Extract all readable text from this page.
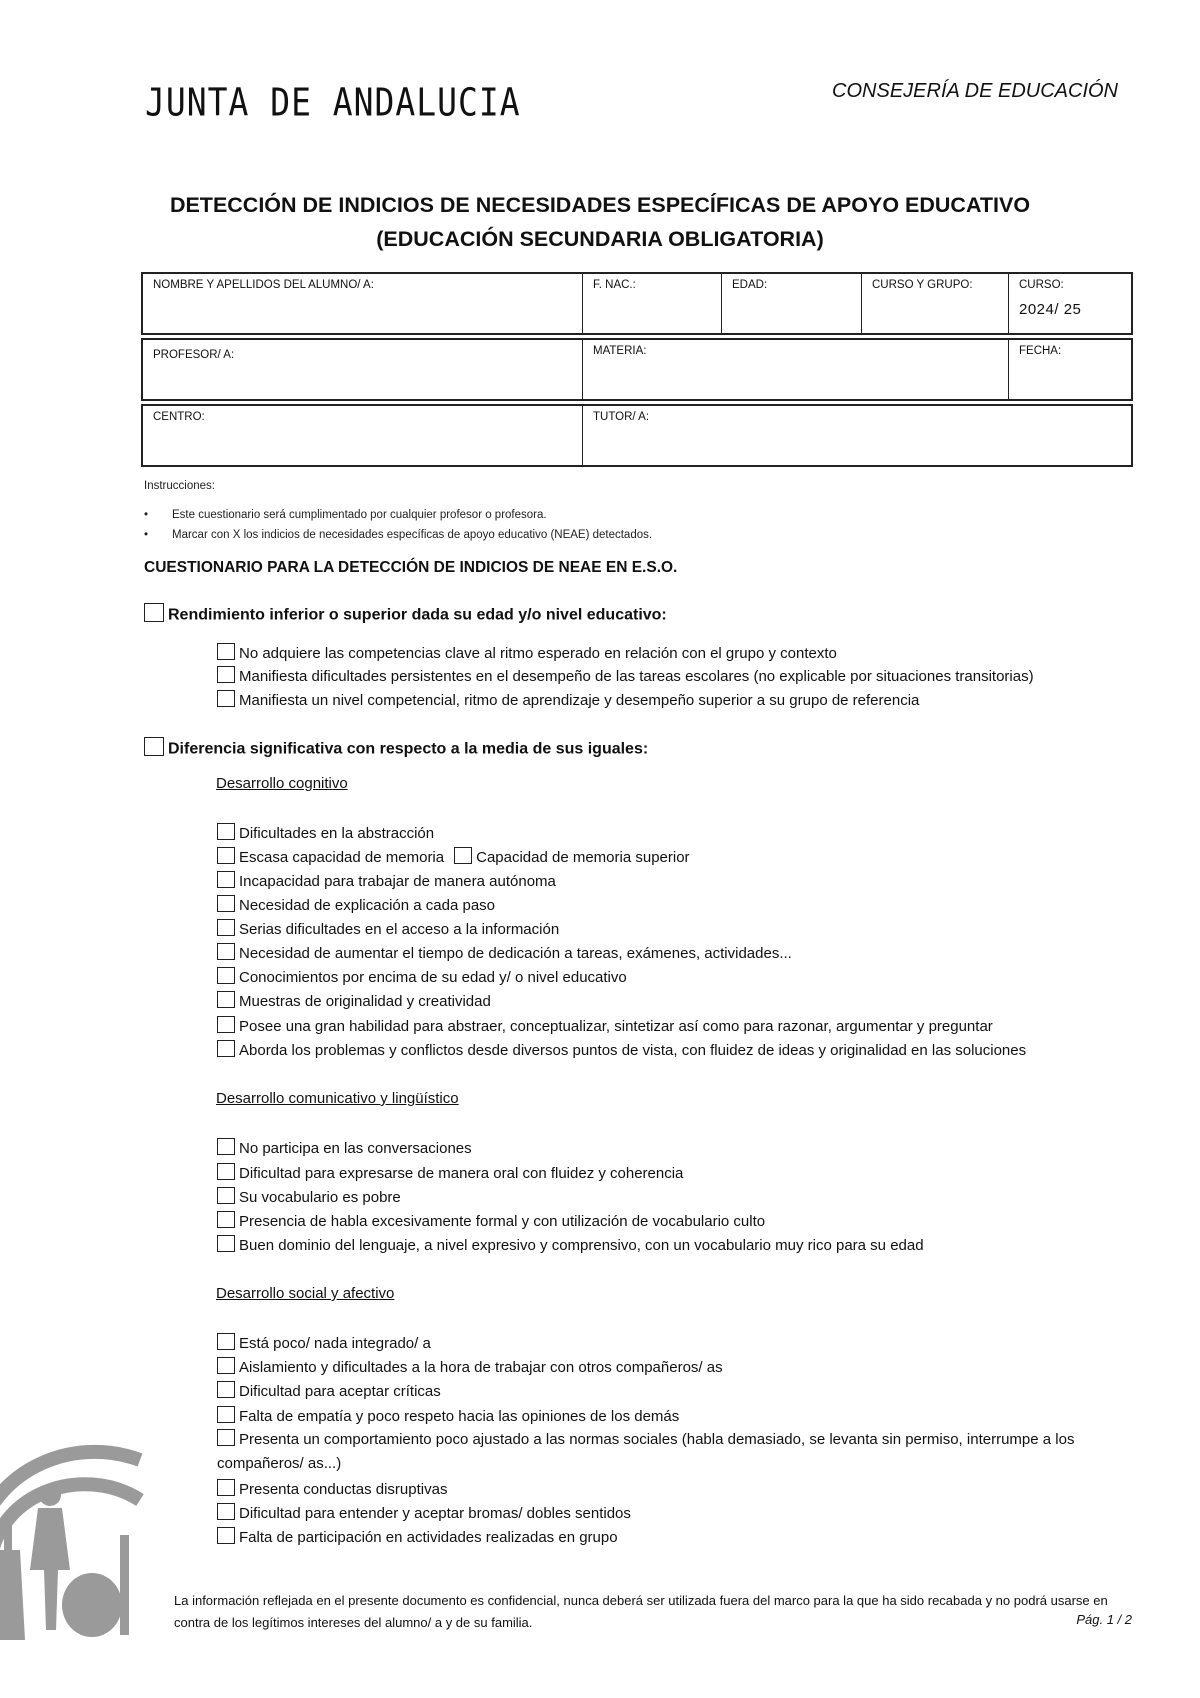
JUNTA DE ANDALUCIA	CONSEJERÍA DE EDUCACIÓN
DETECCIÓN DE INDICIOS DE NECESIDADES ESPECÍFICAS DE APOYO EDUCATIVO
(EDUCACIÓN SECUNDARIA OBLIGATORIA)
NOMBRE Y APELLIDOS DEL ALUMNO/ A:	F. NAC.:	EDAD:	CURSO Y GRUPO:	CURSO:
2024/ 25
PROFESOR/ A:	MATERIA:	FECHA:
CENTRO:	TUTOR/ A:
Instrucciones:
• Este cuestionario será cumplimentado por cualquier profesor o profesora.
• Marcar con X los indicios de necesidades específicas de apoyo educativo (NEAE) detectados.
CUESTIONARIO PARA LA DETECCIÓN DE INDICIOS DE NEAE EN E.S.O.
Rendimiento inferior o superior dada su edad y/o nivel educativo:
No adquiere las competencias clave al ritmo esperado en relación con el grupo y contexto
Manifiesta dificultades persistentes en el desempeño de las tareas escolares (no explicable por situaciones transitorias)
Manifiesta un nivel competencial, ritmo de aprendizaje y desempeño superior a su grupo de referencia
Diferencia significativa con respecto a la media de sus iguales:
Desarrollo cognitivo
Dificultades en la abstracción
Escasa capacidad de memoria Capacidad de memoria superior
Incapacidad para trabajar de manera autónoma
Necesidad de explicación a cada paso
Serias dificultades en el acceso a la información
Necesidad de aumentar el tiempo de dedicación a tareas, exámenes, actividades...
Conocimientos por encima de su edad y/ o nivel educativo
Muestras de originalidad y creatividad
Posee una gran habilidad para abstraer, conceptualizar, sintetizar así como para razonar, argumentar y preguntar
Aborda los problemas y conflictos desde diversos puntos de vista, con fluidez de ideas y originalidad en las soluciones
Desarrollo comunicativo y lingüístico
No participa en las conversaciones
Dificultad para expresarse de manera oral con fluidez y coherencia
Su vocabulario es pobre
Presencia de habla excesivamente formal y con utilización de vocabulario culto
Buen dominio del lenguaje, a nivel expresivo y comprensivo, con un vocabulario muy rico para su edad
Desarrollo social y afectivo
Está poco/ nada integrado/ a
Aislamiento y dificultades a la hora de trabajar con otros compañeros/ as
Dificultad para aceptar críticas
Falta de empatía y poco respeto hacia las opiniones de los demás
Presenta un comportamiento poco ajustado a las normas sociales (habla demasiado, se levanta sin permiso, interrumpe a los compañeros/ as...)
Presenta conductas disruptivas
Dificultad para entender y aceptar bromas/ dobles sentidos
Falta de participación en actividades realizadas en grupo
La información reflejada en el presente documento es confidencial, nunca deberá ser utilizada fuera del marco para la que ha sido recabada y no podrá usarse en contra de los legítimos intereses del alumno/ a y de su familia.	Pág. 1 / 2
